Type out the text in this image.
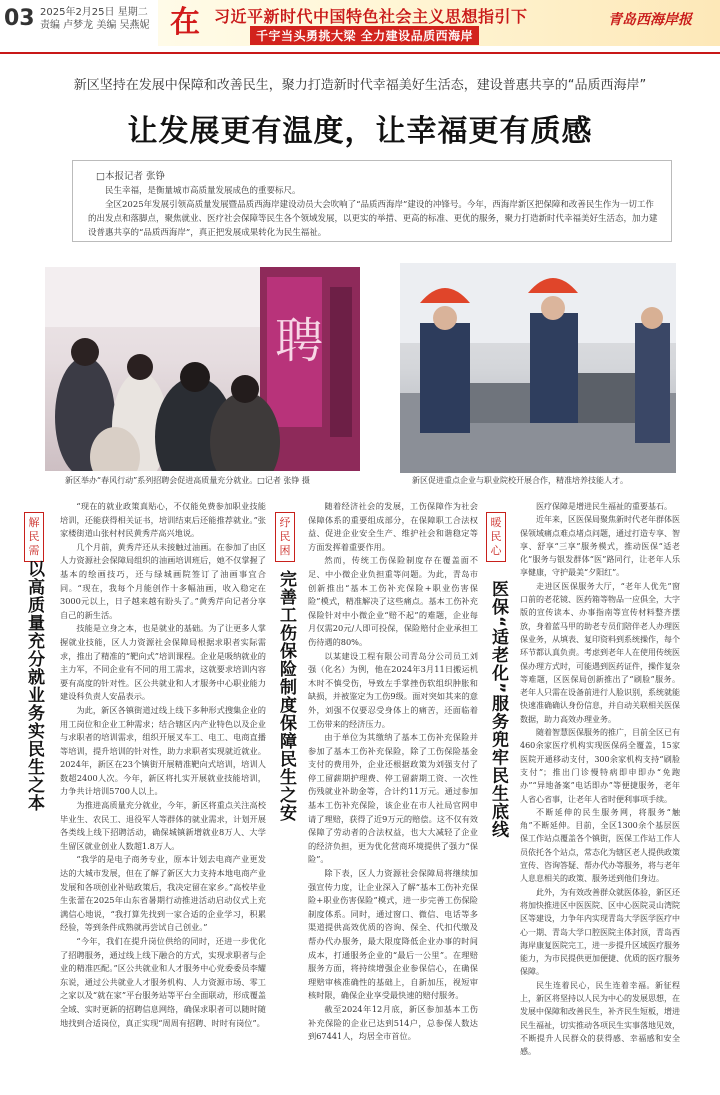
03 2025年2月25日 星期二
责编 卢梦龙 美编 吴燕妮 在 习近平新时代中国特色社会主义思想指引下
千宇当头勇挑大梁 全力建设品质西海岸
青岛西海岸报
新区坚持在发展中保障和改善民生，聚力打造新时代幸福美好生活态，建设普惠共享的“品质西海岸”
让发展更有温度，让幸福更有质感
□本报记者 张铮

民生幸福，是衡量城市高质量发展成色的重要标尺。

全区2025年发展引领高质量发展暨品质西海岸建设动员大会吹响了“品质西海岸”建设的冲锋号。今年，西海岸新区把保障和改善民生作为一切工作的出发点和落脚点，聚焦就业、医疗社会保障等民生各个领域发展，以更实的举措、更高的标准、更优的服务，聚力打造新时代幸福美好生活态，加力建设普惠共享的“品质西海岸”，真正把发展成果转化为民生福祉。

聘
新区举办“春风行动”系列招聘会促进高质量充分就业。□记者 张铮 摄	新区促进重点企业与职业院校开展合作，精准培养技能人才。
解民需
以高质量充分就业务实民生之本

“现在的就业政策真贴心，不仅能免费参加职业技能培训，还能获得相关证书，培训结束后还能推荐就业。”张家楼街道山张村村民黄秀芹高兴地说。

几个月前，黄秀芹还从未接触过油画。在参加了由区人力资源社会保障局组织的油画培训班后，她不仅掌握了基本的绘画技巧，还与绿城画院签订了油画事宜合同。“现在，我每个月能创作十多幅油画，收入稳定在3000元以上，日子越来越有盼头了。”黄秀芹向记者分享自己的新生活。

技能是立身之本，也是就业的基础。为了让更多人掌握就业技能，区人力资源社会保障局根据求职者实际需求，推出了精准的“靶向式”培训课程。企业是吸纳就业的主力军，不同企业有不同的用工需求，这就要求培训内容要有高度的针对性。区公共就业和人才服务中心职业能力建设科负责人安晶表示。

为此，新区各镇街道过线上线下多种形式搜集企业的用工岗位和企业工种需求；结合辖区内产业特色以及企业与求职者的培训需求，组织开展叉车工、电工、电商直播等培训，提升培训的针对性，助力求职者实现就近就业。2024年，新区在23个镇街开展精准靶向式培训，培训人数超2400人次。今年，新区将扎实开展就业技能培训，力争共计培训5700人以上。

为推进高质量充分就业，今年，新区将重点关注高校毕业生、农民工、退役军人等群体的就业需求，计划开展各类线上线下招聘活动，确保城镇新增就业8万人、大学生留区就业创业人数超1.8万人。

“我学的是电子商务专业，原本计划去电商产业更发达的大城市发展，但在了解了新区大力支持本地电商产业发展和各项创业补贴政策后，我决定留在家乡。”高校毕业生张蕾在2025年山东省暑期行动推进活动启动仪式上充满信心地说，“我打算先找到一家合适的企业学习，积累经验，等到条件成熟就再尝试自己创业。”

“今年，我们在提升岗位供给的同时，还进一步优化了招聘服务，通过线上线下融合的方式，实现求职者与企业的精准匹配。”区公共就业和人才服务中心党委委员李耀东说，通过公共就业人才服务机构、人力资源市场、零工之家以及“就在家”平台服务站等平台全面联动，形成覆盖全域、实时更新的招聘信息网络，确保求职者可以随时随地找到合适岗位，真正实现“周周有招聘、时时有岗位”。

纾民困
完善工伤保险制度保障民生之安

随着经济社会的发展，工伤保障作为社会保障体系的重要组成部分，在保障职工合法权益、促进企业安全生产、维护社会和谐稳定等方面发挥着重要作用。

然而，传统工伤保险制度存在覆盖面不足、中小微企业负担重等问题。为此，青岛市创新推出“基本工伤补充保险+职业伤害保险”模式，精准解决了这些痛点。基本工伤补充保险针对中小微企业“赔不起”的难题，企业每月仅需20元/人即可投保，保险赔付企业承担工伤待遇的80%。

以某建设工程有限公司青岛分公司员工刘强（化名）为例，他在2024年3月11日搬运机木时不慎受伤，导致左手掌挫伤软组织肿胀和缺损，并被鉴定为工伤9级。面对突如其来的意外，刘强不仅要忍受身体上的痛苦，还面临着工伤带来的经济压力。

由于单位为其缴纳了基本工伤补充保险并参加了基本工伤补充保险，除了工伤保险基金支付的费用外，企业还根据政策为刘强支付了停工留薪期护理费、停工留薪期工资、一次性伤残就业补助金等，合计约11万元。通过参加基本工伤补充保险，该企业在市人社局官网申请了理赔，获得了近9万元的赔偿。这不仅有效保障了劳动者的合法权益，也大大减轻了企业的经济负担，更为优化营商环境提供了强力“保险”。

除下表，区人力资源社会保障局将继续加强宣传力度，让企业深入了解“基本工伤补充保险+职业伤害保险”模式，进一步完善工伤保险制度体系。同时，通过窗口、微信、电话等多渠道提供高效优质的咨询、保全、代扣代缴及帮办代办服务，最大限度降低企业办事的时间成本，打通服务企业的“最后一公里”。在理赔服务方面，将持续增强企业参保信心，在确保理赔审核准确性的基础上，自新加压，视短审核时限，确保企业享受最快速的赔付服务。

截至2024年12月底，新区参加基本工伤补充保险的企业已达到514户，总参保人数达到67441人，均居全市首位。

暖民心
医保“适老化”服务兜牢民生底线

医疗保障是增进民生福祉的重要基石。

近年来，区医保局聚焦新时代老年群体医保领域痛点难点堵点问题，通过打造专享、智享、舒享“三享”服务模式，推动医保“适老化”服务与银发群体“医”路同行，让老年人乐享健康，守护最美“夕阳红”。

走进区医保服务大厅，“老年人优先”窗口前的老花镜、医药箱等物品一应俱全，大字版的宣传读本、办事指南等宣传材料整齐摆放，身着蓝马甲的助老专员们陪伴老人办理医保业务，从填表、复印资料到系统操作，每个环节都认真负责。考虑到老年人在使用传统医保办理方式时，可能遇到医药证件，操作复杂等难题，区医保局创新推出了“刷脸”服务。老年人只需在设备前进行人脸识别，系统就能快速准确确认身份信息，并自动关联相关医保数据，助力高效办理业务。

随着智慧医保服务的推广，目前全区已有460余家医疗机构实现医保码全覆盖，15家医院开通移动支付，300余家机构支持“刷脸支付”；推出门诊慢特病即申即办“免跑办”“异地备案”电话即办”等便捷服务，老年人省心省事，让老年人省时便利事项手续。

不断延伸的民生服务网，将服务“触角”不断延伸。目前，全区1300余个基层医保工作站点覆盖各个镇街，医保工作站工作人员依托各个站点，常态化为辖区老人提供政策宣传、咨询答疑、帮办代办等服务，将与老年人息息相关的政策、服务送到他们身边。

此外，为有效改善群众就医体验，新区还将加快推进区中医医院、区中心医院灵山湾院区等建设，力争年内实现青岛大学医学医疗中心一期、青岛大学口腔医院主体封顶，青岛西海岸康复医院完工，进一步提升区域医疗服务能力，为市民提供更加便捷、优质的医疗服务保障。

民生连着民心，民生连着幸福。新征程上，新区将坚持以人民为中心的发展思想，在发展中保障和改善民生，补齐民生短板，增进民生福祉，切实推动各项民生实事落地见效，不断提升人民群众的获得感、幸福感和安全感。
